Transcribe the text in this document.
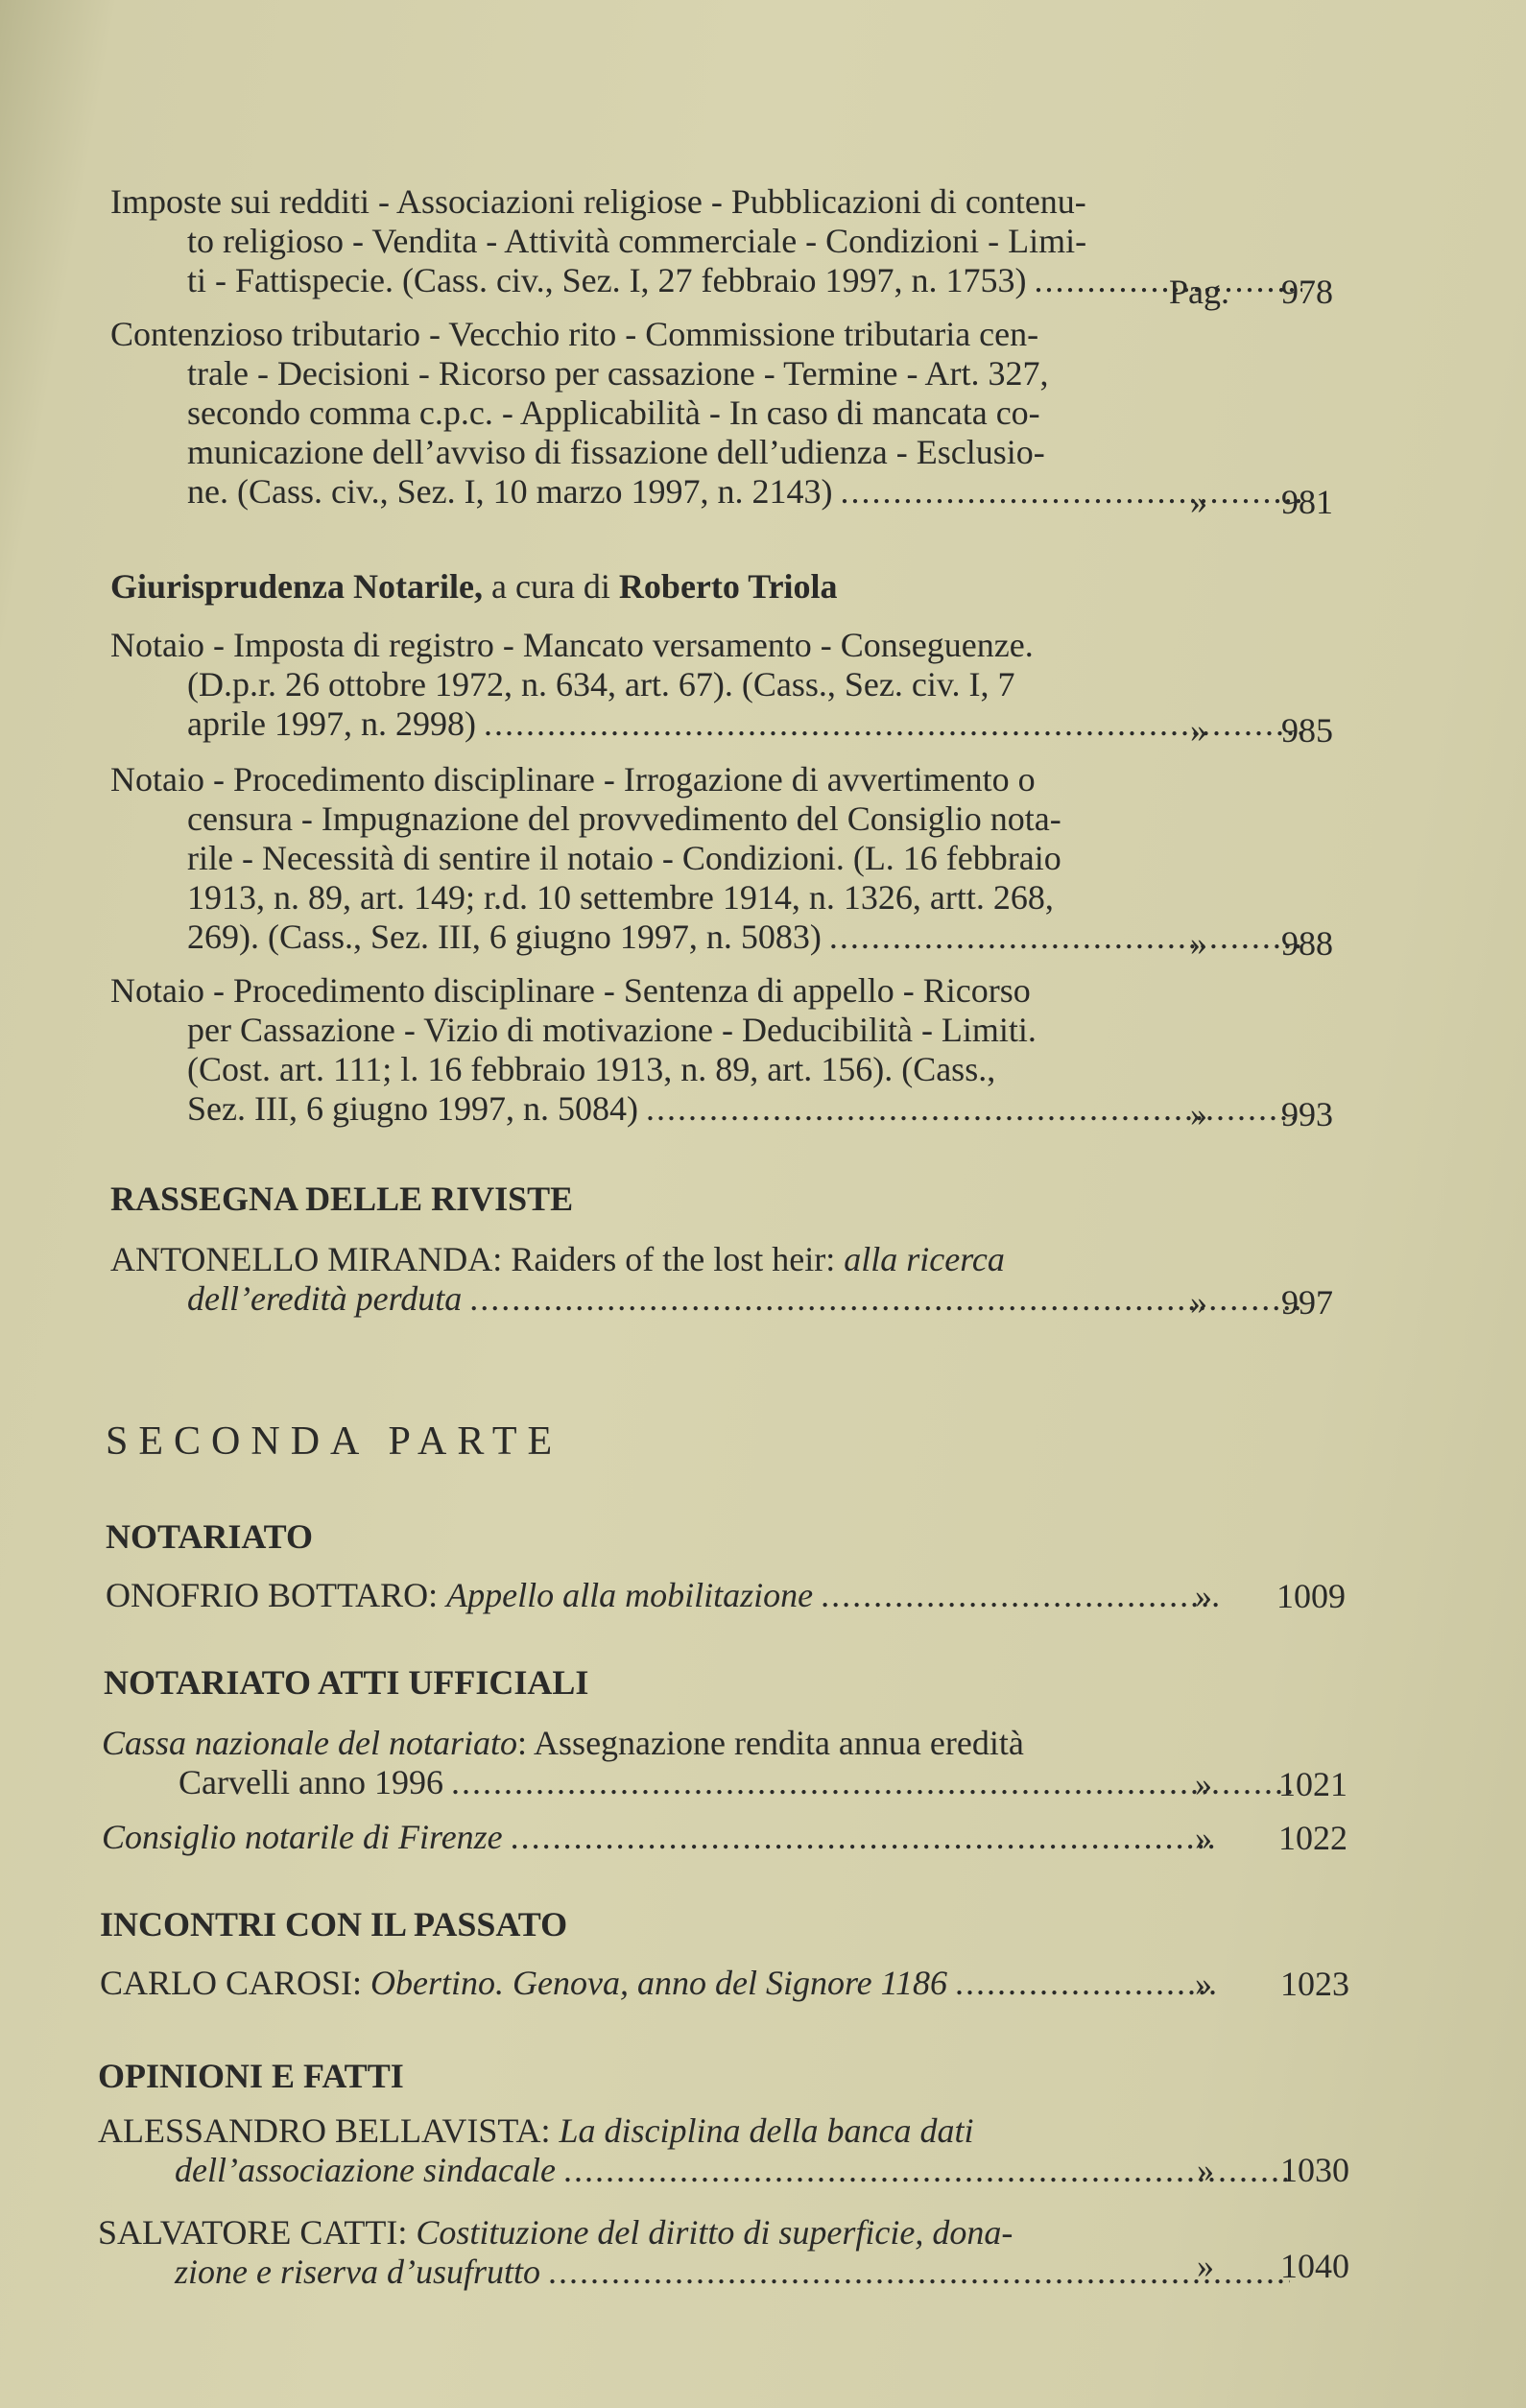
Imposte sui redditi - Associazioni religiose - Pubblicazioni di contenu-
to religioso - Vendita - Attività commerciale - Condizioni - Limi-
ti - Fattispecie. (Cass. civ., Sez. I, 27 febbraio 1997, n. 1753) .....	Pag. 978
Contenzioso tributario - Vecchio rito - Commissione tributaria cen-
trale - Decisioni - Ricorso per cassazione - Termine - Art. 327,
secondo comma c.p.c. - Applicabilità - In caso di mancata co-
municazione dell’avviso di fissazione dell’udienza - Esclusio-
ne. (Cass. civ., Sez. I, 10 marzo 1997, n. 2143) .....	» 981
Giurisprudenza Notarile, a cura di Roberto Triola
Notaio - Imposta di registro - Mancato versamento - Conseguenze.
(D.p.r. 26 ottobre 1972, n. 634, art. 67). (Cass., Sez. civ. I, 7
aprile 1997, n. 2998) .....	» 985
Notaio - Procedimento disciplinare - Irrogazione di avvertimento o
censura - Impugnazione del provvedimento del Consiglio nota-
rile - Necessità di sentire il notaio - Condizioni. (L. 16 febbraio
1913, n. 89, art. 149; r.d. 10 settembre 1914, n. 1326, artt. 268,
269). (Cass., Sez. III, 6 giugno 1997, n. 5083) .....	» 988
Notaio - Procedimento disciplinare - Sentenza di appello - Ricorso
per Cassazione - Vizio di motivazione - Deducibilità - Limiti.
(Cost. art. 111; l. 16 febbraio 1913, n. 89, art. 156). (Cass.,
Sez. III, 6 giugno 1997, n. 5084) .....	» 993
RASSEGNA DELLE RIVISTE
ANTONELLO MIRANDA: Raiders of the lost heir: alla ricerca
dell’eredità perduta .....	» 997
SECONDA PARTE
NOTARIATO
ONOFRIO BOTTARO: Appello alla mobilitazione .....	» 1009
NOTARIATO ATTI UFFICIALI
Cassa nazionale del notariato: Assegnazione rendita annua eredità
Carvelli anno 1996 .....	» 1021
Consiglio notarile di Firenze .....	» 1022
INCONTRI CON IL PASSATO
CARLO CAROSI: Obertino. Genova, anno del Signore 1186 .....	» 1023
OPINIONI E FATTI
ALESSANDRO BELLAVISTA: La disciplina della banca dati
dell’associazione sindacale .....	» 1030
SALVATORE CATTI: Costituzione del diritto di superficie, dona-
zione e riserva d’usufrutto .....	» 1040
